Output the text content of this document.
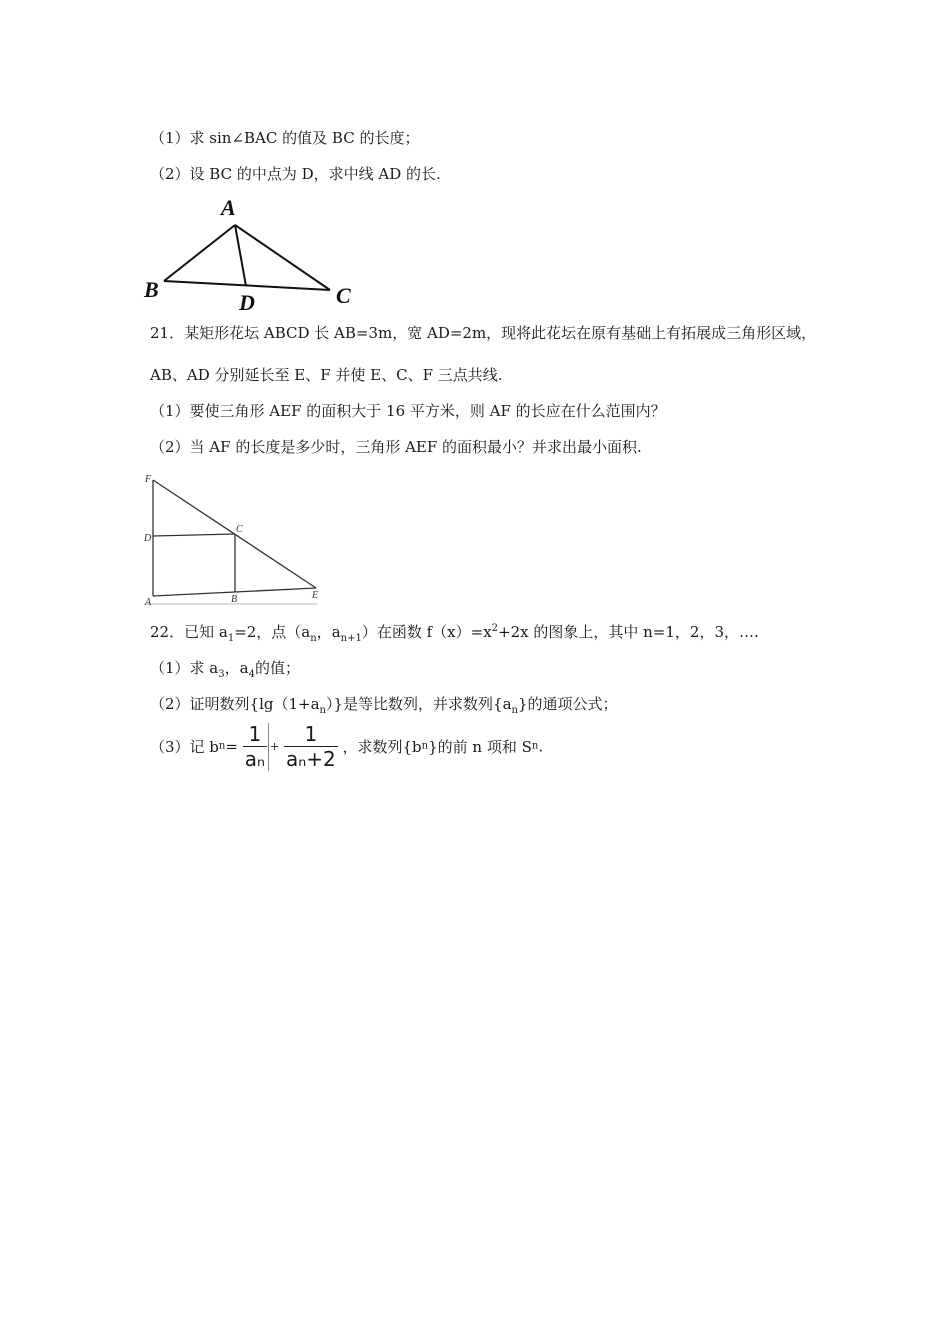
（1）求 sin∠BAC 的值及 BC 的长度；
（2）设 BC 的中点为 D，求中线 AD 的长.
A
B	C
D
21．某矩形花坛 ABCD 长 AB=3m，宽 AD=2m，现将此花坛在原有基础上有拓展成三角形区域，
AB、AD 分别延长至 E、F 并使 E、C、F 三点共线.
（1）要使三角形 AEF 的面积大于 16 平方米，则 AF 的长应在什么范围内？
（2）当 AF 的长度是多少时，三角形 AEF 的面积最小？并求出最小面积.
F
D
C
A	B	E
22．已知 $a_1=2$，点（$a_n$，$a_{n+1}$）在函数 $f(x)=x^2+2x$ 的图象上，其中 n=1，2，3，….
（1）求 $a_3$，$a_4$的值；
（2）证明数列$\{\lg(1+a_n)\}$是等比数列，并求数列$\{a_n\}$的通项公式；
（3）记 $bn= \frac{1}{\text{aₙ}} + \frac{1}{\text{aₙ+2}}$ ，求数列{bn}的前 n 项和 Sn.
